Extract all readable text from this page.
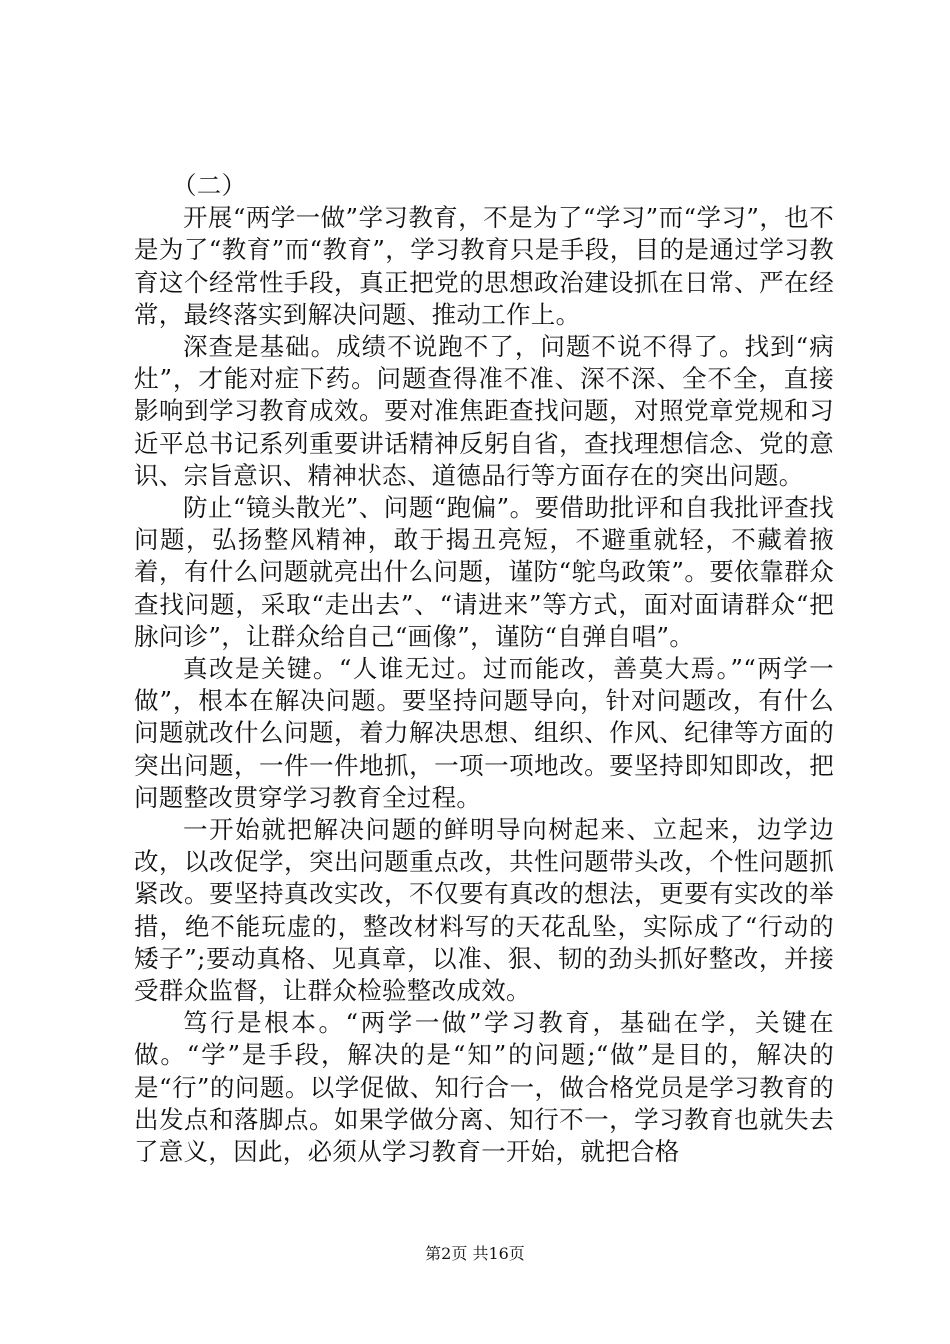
（二）

开展“两学一做”学习教育，不是为了“学习”而“学习”，也不是为了“教育”而“教育”，学习教育只是手段，目的是通过学习教育这个经常性手段，真正把党的思想政治建设抓在日常、严在经常，最终落实到解决问题、推动工作上。

深查是基础。成绩不说跑不了，问题不说不得了。找到“病灶”，才能对症下药。问题查得准不准、深不深、全不全，直接影响到学习教育成效。要对准焦距查找问题，对照党章党规和习近平总书记系列重要讲话精神反躬自省，查找理想信念、党的意识、宗旨意识、精神状态、道德品行等方面存在的突出问题。

防止“镜头散光”、问题“跑偏”。要借助批评和自我批评查找问题，弘扬整风精神，敢于揭丑亮短，不避重就轻，不藏着掖着，有什么问题就亮出什么问题，谨防“鸵鸟政策”。要依靠群众查找问题，采取“走出去”、“请进来”等方式，面对面请群众“把脉问诊”，让群众给自己“画像”，谨防“自弹自唱”。

真改是关键。“人谁无过。过而能改，善莫大焉。”“两学一做”，根本在解决问题。要坚持问题导向，针对问题改，有什么问题就改什么问题，着力解决思想、组织、作风、纪律等方面的突出问题，一件一件地抓，一项一项地改。要坚持即知即改，把问题整改贯穿学习教育全过程。

一开始就把解决问题的鲜明导向树起来、立起来，边学边改，以改促学，突出问题重点改，共性问题带头改，个性问题抓紧改。要坚持真改实改，不仅要有真改的想法，更要有实改的举措，绝不能玩虚的，整改材料写的天花乱坠，实际成了“行动的矮子”;要动真格、见真章，以准、狠、韧的劲头抓好整改，并接受群众监督，让群众检验整改成效。

笃行是根本。“两学一做”学习教育，基础在学，关键在做。“学”是手段，解决的是“知”的问题;“做”是目的，解决的是“行”的问题。以学促做、知行合一，做合格党员是学习教育的出发点和落脚点。如果学做分离、知行不一，学习教育也就失去了意义，因此，必须从学习教育一开始，就把合格

第2页 共16页
